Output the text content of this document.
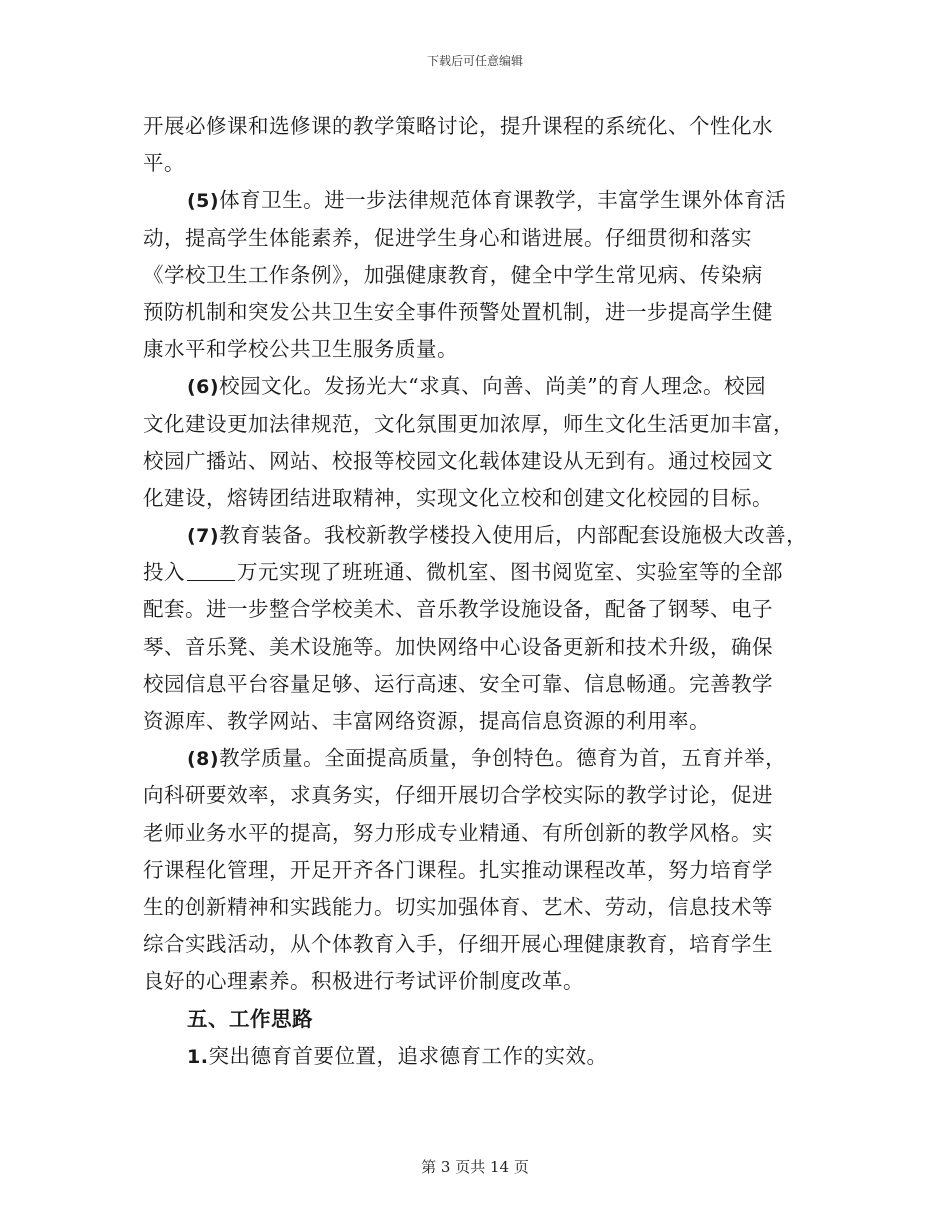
下载后可任意编辑
开展必修课和选修课的教学策略讨论，提升课程的系统化、个性化水
平。
(5)体育卫生。进一步法律规范体育课教学，丰富学生课外体育活
动，提高学生体能素养，促进学生身心和谐进展。仔细贯彻和落实
《学校卫生工作条例》，加强健康教育，健全中学生常见病、传染病
预防机制和突发公共卫生安全事件预警处置机制，进一步提高学生健
康水平和学校公共卫生服务质量。
(6)校园文化。发扬光大“求真、向善、尚美”的育人理念。校园
文化建设更加法律规范，文化氛围更加浓厚，师生文化生活更加丰富，
校园广播站、网站、校报等校园文化载体建设从无到有。通过校园文
化建设，熔铸团结进取精神，实现文化立校和创建文化校园的目标。
(7)教育装备。我校新教学楼投入使用后，内部配套设施极大改善，
投入	万元实现了班班通、微机室、图书阅览室、实验室等的全部
配套。进一步整合学校美术、音乐教学设施设备，配备了钢琴、电子
琴、音乐凳、美术设施等。加快网络中心设备更新和技术升级，确保
校园信息平台容量足够、运行高速、安全可靠、信息畅通。完善教学
资源库、教学网站、丰富网络资源，提高信息资源的利用率。
(8)教学质量。全面提高质量，争创特色。德育为首，五育并举，
向科研要效率，求真务实，仔细开展切合学校实际的教学讨论，促进
老师业务水平的提高，努力形成专业精通、有所创新的教学风格。实
行课程化管理，开足开齐各门课程。扎实推动课程改革，努力培育学
生的创新精神和实践能力。切实加强体育、艺术、劳动，信息技术等
综合实践活动，从个体教育入手，仔细开展心理健康教育，培育学生
良好的心理素养。积极进行考试评价制度改革。
五、工作思路
1.突出德育首要位置，追求德育工作的实效。
第 3 页共 14 页
